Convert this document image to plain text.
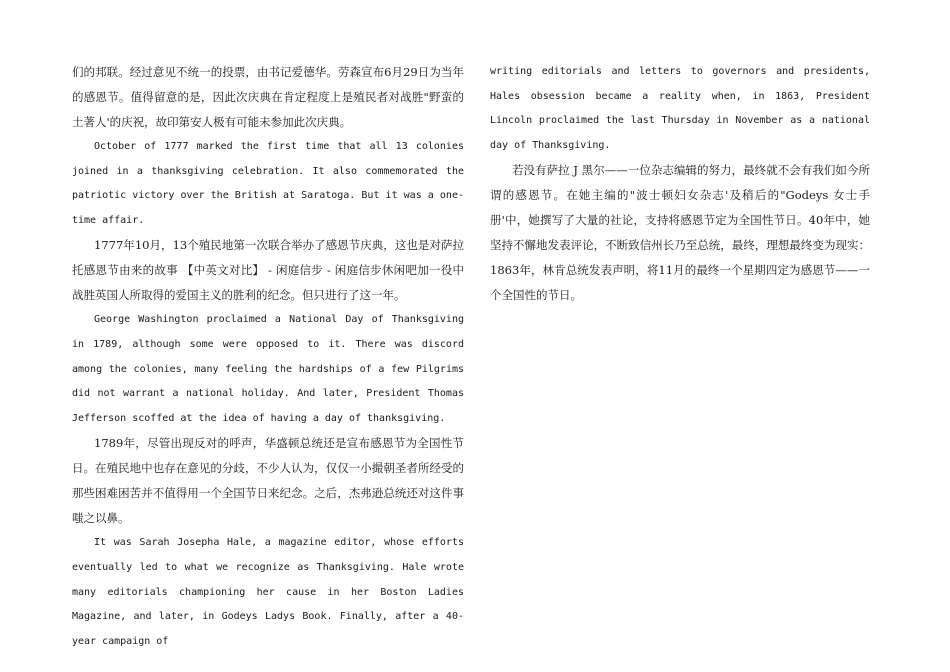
们的邦联。经过意见不统一的投票，由书记爱德华。劳森宣布6月29日为当年的感恩节。值得留意的是，因此次庆典在肯定程度上是殖民者对战胜"野蛮的土著人'的庆祝，故印第安人极有可能未参加此次庆典。

October of 1777 marked the first time that all 13 colonies joined in a thanksgiving celebration. It also commemorated the patriotic victory over the British at Saratoga. But it was a one-time affair.

1777年10月，13个殖民地第一次联合举办了感恩节庆典，这也是对萨拉托感恩节由来的故事 【中英文对比】 - 闲庭信步 - 闲庭信步休闲吧加一役中战胜英国人所取得的爱国主义的胜利的纪念。但只进行了这一年。

George Washington proclaimed a National Day of Thanksgiving in 1789, although some were opposed to it. There was discord among the colonies, many feeling the hardships of a few Pilgrims did not warrant a national holiday. And later, President Thomas Jefferson scoffed at the idea of having a day of thanksgiving.

1789年，尽管出现反对的呼声，华盛顿总统还是宣布感恩节为全国性节日。在殖民地中也存在意见的分歧，不少人认为，仅仅一小撮朝圣者所经受的那些困难困苦并不值得用一个全国节日来纪念。之后，杰弗逊总统还对这件事嗤之以鼻。

It was Sarah Josepha Hale, a magazine editor, whose efforts eventually led to what we recognize as Thanksgiving. Hale wrote many editorials championing her cause in her Boston Ladies Magazine, and later, in Godeys Ladys Book. Finally, after a 40-year campaign of

writing editorials and letters to governors and presidents, Hales obsession became a reality when, in 1863, President Lincoln proclaimed the last Thursday in November as a national day of Thanksgiving.

若没有萨拉 J 黑尔——一位杂志编辑的努力，最终就不会有我们如今所谓的感恩节。在她主编的"波士顿妇女杂志'及稍后的"Godeys 女士手册'中，她撰写了大量的社论，支持将感恩节定为全国性节日。40年中，她坚持不懈地发表评论，不断致信州长乃至总统，最终，理想最终变为现实：1863年，林肯总统发表声明，将11月的最终一个星期四定为感恩节——一个全国性的节日。
